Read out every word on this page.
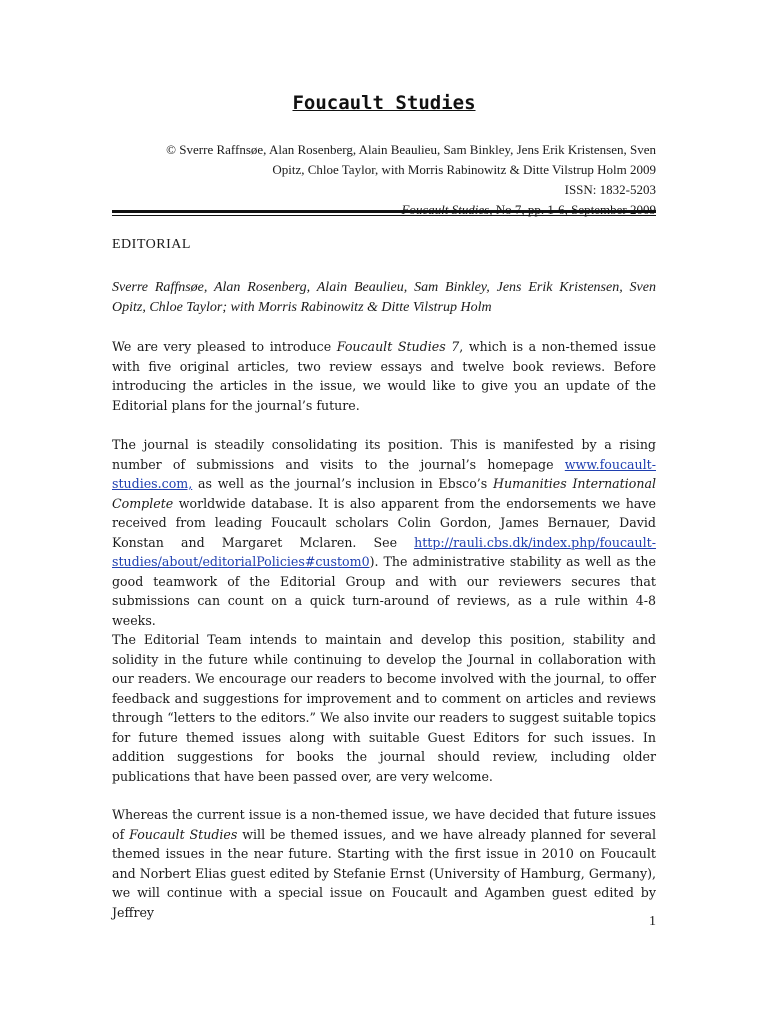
Foucault Studies

© Sverre Raffnsøe, Alan Rosenberg, Alain Beaulieu, Sam Binkley, Jens Erik Kristensen, Sven

Opitz, Chloe Taylor, with Morris Rabinowitz & Ditte Vilstrup Holm 2009

ISSN: 1832-5203

EDITORIAL

Sverre Raffnsøe, Alan Rosenberg, Alain Beaulieu, Sam Binkley, Jens Erik Kristensen, Sven Opitz, Chloe Taylor; with Morris Rabinowitz & Ditte Vilstrup Holm

We are very pleased to introduce Foucault Studies 7, which is a non-themed issue with five original articles, two review essays and twelve book reviews. Before introducing the articles in the issue, we would like to give you an update of the Editorial plans for the journal’s future.

The journal is steadily consolidating its position. This is manifested by a rising number of submissions and visits to the journal’s homepage www.foucault-studies.com, as well as the journal’s inclusion in Ebsco’s Humanities International Complete worldwide database. It is also apparent from the endorsements we have received from leading Foucault scholars Colin Gordon, James Bernauer, David Konstan and Margaret Mclaren. See http://rauli.cbs.dk/index.php/foucault-studies/about/editorialPolicies#custom0). The administrative stability as well as the good teamwork of the Editorial Group and with our reviewers secures that submissions can count on a quick turn-around of reviews, as a rule within 4-8 weeks.

The Editorial Team intends to maintain and develop this position, stability and solidity in the future while continuing to develop the Journal in collaboration with our readers. We encourage our readers to become involved with the journal, to offer feedback and suggestions for improvement and to comment on articles and reviews through “letters to the editors.” We also invite our readers to suggest suitable topics for future themed issues along with suitable Guest Editors for such issues. In addition suggestions for books the journal should review, including older publications that have been passed over, are very welcome.

Whereas the current issue is a non-themed issue, we have decided that future issues of Foucault Studies will be themed issues, and we have already planned for several themed issues in the near future. Starting with the first issue in 2010 on Foucault and Norbert Elias guest edited by Stefanie Ernst (University of Hamburg, Germany), we will continue with a special issue on Foucault and Agamben guest edited by Jeffrey

1
